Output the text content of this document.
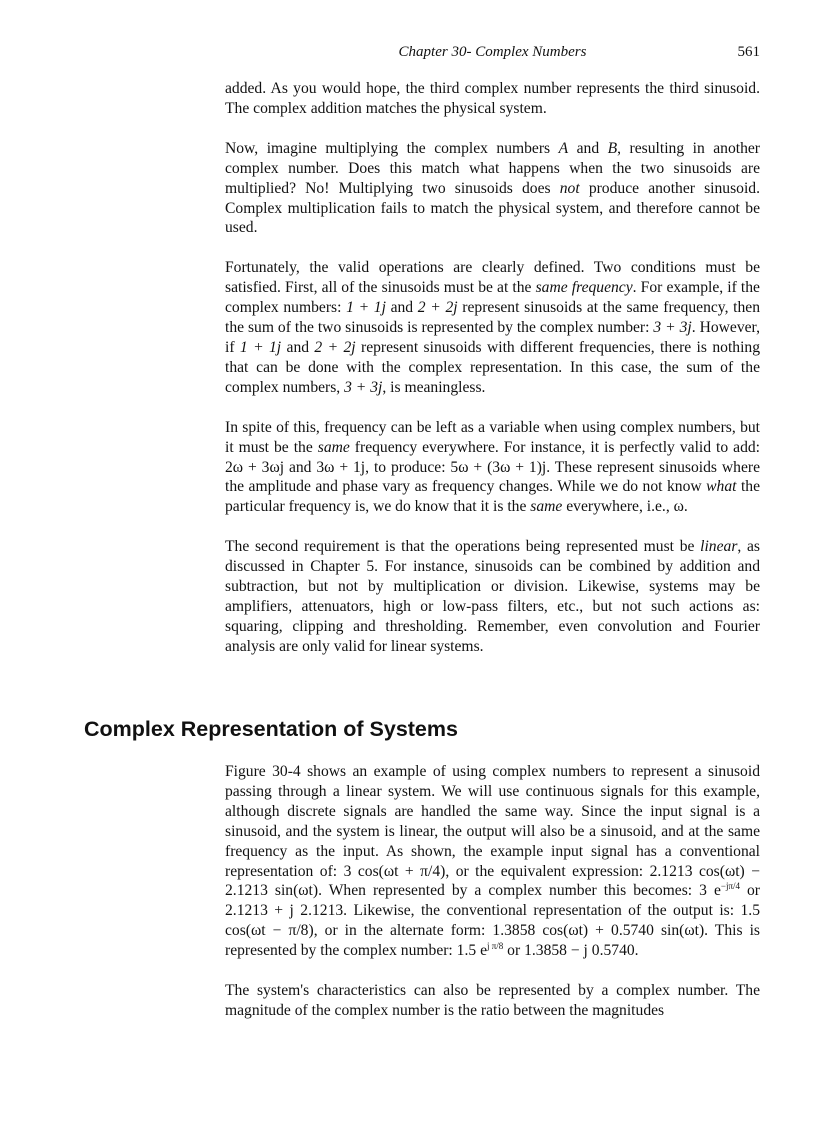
Chapter 30- Complex Numbers	561

added. As you would hope, the third complex number represents the third sinusoid. The complex addition matches the physical system.

Now, imagine multiplying the complex numbers A and B, resulting in another complex number. Does this match what happens when the two sinusoids are multiplied? No! Multiplying two sinusoids does not produce another sinusoid. Complex multiplication fails to match the physical system, and therefore cannot be used.

Fortunately, the valid operations are clearly defined. Two conditions must be satisfied. First, all of the sinusoids must be at the same frequency. For example, if the complex numbers: 1 + 1j and 2 + 2j represent sinusoids at the same frequency, then the sum of the two sinusoids is represented by the complex number: 3 + 3j. However, if 1 + 1j and 2 + 2j represent sinusoids with different frequencies, there is nothing that can be done with the complex representation. In this case, the sum of the complex numbers, 3 + 3j, is meaningless.

In spite of this, frequency can be left as a variable when using complex numbers, but it must be the same frequency everywhere. For instance, it is perfectly valid to add: 2ω + 3ωj and 3ω + 1j, to produce: 5ω + (3ω + 1)j. These represent sinusoids where the amplitude and phase vary as frequency changes. While we do not know what the particular frequency is, we do know that it is the same everywhere, i.e., ω.

The second requirement is that the operations being represented must be linear, as discussed in Chapter 5. For instance, sinusoids can be combined by addition and subtraction, but not by multiplication or division. Likewise, systems may be amplifiers, attenuators, high or low-pass filters, etc., but not such actions as: squaring, clipping and thresholding. Remember, even convolution and Fourier analysis are only valid for linear systems.

Complex Representation of Systems

Figure 30-4 shows an example of using complex numbers to represent a sinusoid passing through a linear system. We will use continuous signals for this example, although discrete signals are handled the same way. Since the input signal is a sinusoid, and the system is linear, the output will also be a sinusoid, and at the same frequency as the input. As shown, the example input signal has a conventional representation of: 3 cos(ωt + π/4), or the equivalent expression: 2.1213 cos(ωt) − 2.1213 sin(ωt). When represented by a complex number this becomes: 3 $e^{-j\pi/4}$ or 2.1213 + j 2.1213. Likewise, the conventional representation of the output is: 1.5 cos(ωt − π/8), or in the alternate form: 1.3858 cos(ωt) + 0.5740 sin(ωt). This is represented by the complex number: 1.5 $e^{j \pi/8}$ or 1.3858 − j 0.5740.

The system's characteristics can also be represented by a complex number. The magnitude of the complex number is the ratio between the magnitudes
